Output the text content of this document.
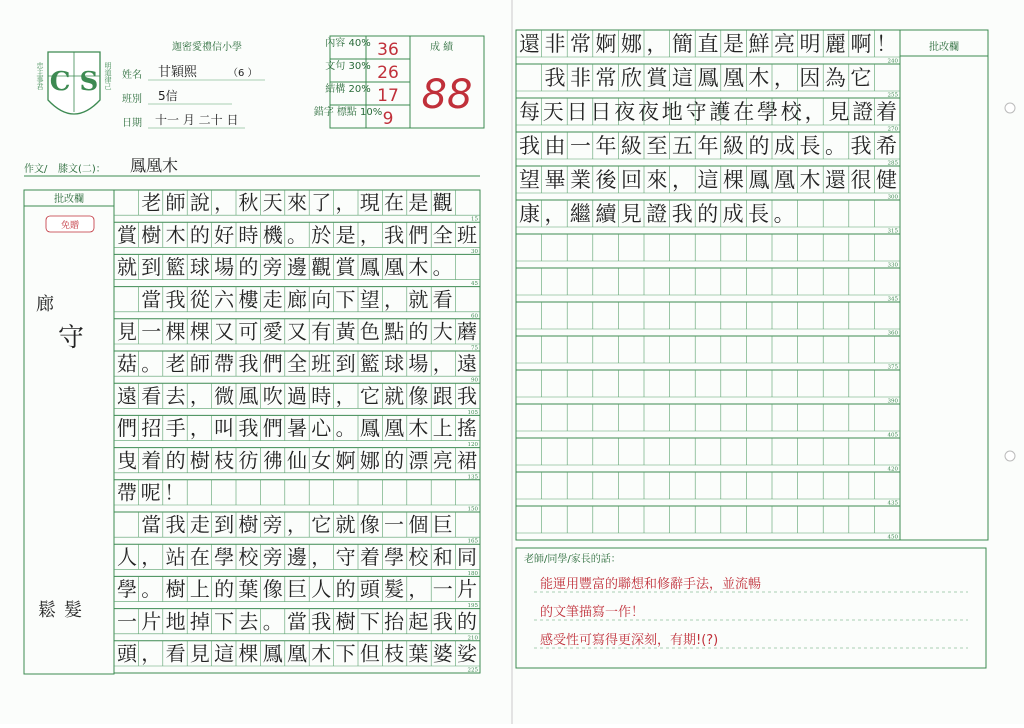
C S
忠主事君	明道律己
迦密愛禮信小學
姓名 甘穎熙	（6 ）
班別 5信
日期 十一 月 二十 日
成 績
內容 40%
文句 30%
結構 20%
錯字 標點 10%
36
26
17
9
88
作文/ 膝文(二)： 鳳凰木
批改欄
免贈
廊
守
鬆 髮
15
　老師說，秋天來了，現在是觀
30
賞樹木的好時機。於是，我們全班
45
就到籃球場的旁邊觀賞鳳凰木。
60
　當我從六樓走廊向下望，就看
75
見一棵棵又可愛又有黃色點的大蘑
90
菇。老師帶我們全班到籃球場，遠
105
遠看去，微風吹過時，它就像跟我
120
們招手，叫我們暑心。鳳凰木上搖
135
曳着的樹枝彷彿仙女婀娜的漂亮裙
150
帶呢！
165
　當我走到樹旁，它就像一個巨
180
人，站在學校旁邊，守着學校和同
195
學。樹上的葉像巨人的頭髮，一片
210
一片地掉下去。當我樹下抬起我的
225
頭，看見這棵鳳凰木下但枝葉婆娑
批改欄
240
還非常婀娜，簡直是鮮亮明麗啊！
255
　我非常欣賞這鳳凰木，因為它
270
每天日日夜夜地守護在學校，見證着
285
我由一年級至五年級的成長。我希
300
望畢業後回來，這棵鳳凰木還很健
315
康，繼續見證我的成長。
330
345
360
375
390
405
420
435
450
老師/同學/家長的話：
能運用豐富的聯想和修辭手法，並流暢
的文筆描寫一作！
感受性可寫得更深刻，有期!(?)
